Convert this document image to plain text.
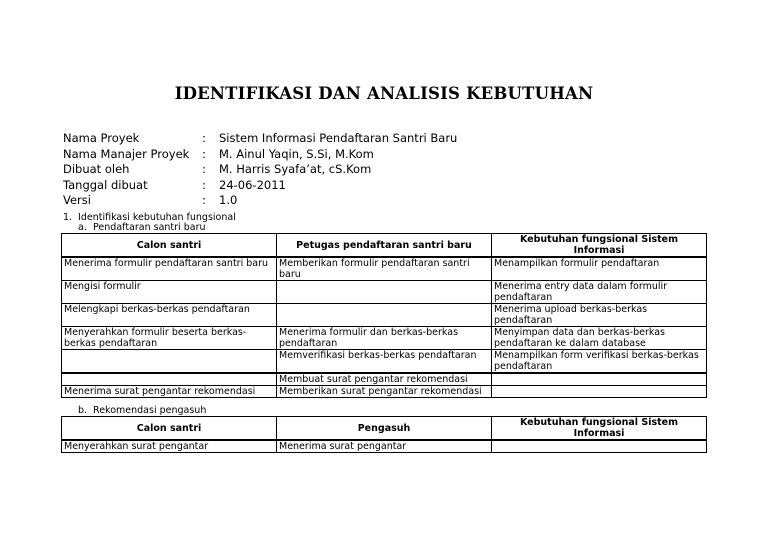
IDENTIFIKASI DAN ANALISIS KEBUTUHAN
Nama Proyek	: Sistem Informasi Pendaftaran Santri Baru
Nama Manajer Proyek : M. Ainul Yaqin, S.Si, M.Kom
Dibuat oleh	: M. Harris Syafa’at, cS.Kom
Tanggal dibuat	: 24-06-2011
Versi	: 1.0
1. Identifikasi kebutuhan fungsional
a. Pendaftaran santri baru
Calon santri	Petugas pendaftaran santri baru	Kebutuhan fungsional Sistem Informasi
Menerima formulir pendaftaran santri baru	Memberikan formulir pendaftaran santri baru	Menampilkan formulir pendaftaran
Mengisi formulir		Menerima entry data dalam formulir pendaftaran
Melengkapi berkas-berkas pendaftaran		Menerima upload berkas-berkas pendaftaran
Menyerahkan formulir beserta berkas-berkas pendaftaran	Menerima formulir dan berkas-berkas pendaftaran	Menyimpan data dan berkas-berkas pendaftaran ke dalam database
	Memverifikasi berkas-berkas pendaftaran	Menampilkan form verifikasi berkas-berkas pendaftaran
	Membuat surat pengantar rekomendasi	
Menerima surat pengantar rekomendasi	Memberikan surat pengantar rekomendasi	
b. Rekomendasi pengasuh
Calon santri	Pengasuh	Kebutuhan fungsional Sistem Informasi
Menyerahkan surat pengantar	Menerima surat pengantar	
